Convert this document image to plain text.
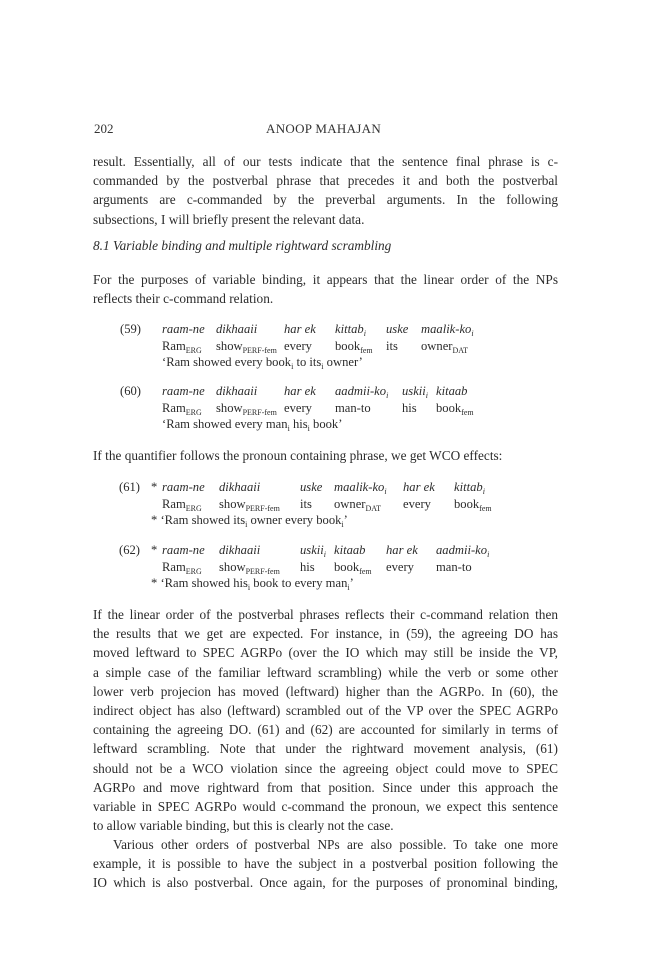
202	ANOOP MAHAJAN
result. Essentially, all of our tests indicate that the sentence final phrase is c-
commanded by the postverbal phrase that precedes it and both the postverbal
arguments are c-commanded by the preverbal arguments. In the following
subsections, I will briefly present the relevant data.
8.1 Variable binding and multiple rightward scrambling
For the purposes of variable binding, it appears that the linear order of the NPs
reflects their c-command relation.
(59) raam-ne dikhaaii har ek kittab$_i$ uske maalik-$ko_i$
Ram$_{ERG}$ show$_{PERF-fem}$ every book$_{fem}$ its owner$_{DAT}$
‘Ram showed every book$_i$ to its$_i$ owner’
(60) raam-ne dikhaaii har ek aadmii-$ko_i$ uskii$_i$ kitaab
Ram$_{ERG}$ show$_{PERF-fem}$ every man-to his book$_{fem}$
‘Ram showed every man$_i$ his$_i$ book’
If the quantifier follows the pronoun containing phrase, we get WCO effects:
(61) * raam-ne dikhaaii	uske maalik-$ko_i$ har ek kittab$_i$
Ram$_{ERG}$ show$_{PERF-fem}$ its owner$_{DAT}$ every book$_{fem}$
* ‘Ram showed its$_i$ owner every book$_i$’
(62) * raam-ne dikhaaii	uskii$_i$ kitaab har ek aadmii-$ko_i$
Ram$_{ERG}$ show$_{PERF-fem}$ his book$_{fem}$ every man-to
* ‘Ram showed his$_i$ book to every man$_i$’
If the linear order of the postverbal phrases reflects their c-command relation then
the results that we get are expected. For instance, in (59), the agreeing DO has
moved leftward to SPEC AGRPo (over the IO which may still be inside the VP,
a simple case of the familiar leftward scrambling) while the verb or some other
lower verb projecion has moved (leftward) higher than the AGRPo. In (60), the
indirect object has also (leftward) scrambled out of the VP over the SPEC AGRPo
containing the agreeing DO. (61) and (62) are accounted for similarly in terms of
leftward scrambling. Note that under the rightward movement analysis, (61)
should not be a WCO violation since the agreeing object could move to SPEC
AGRPo and move rightward from that position. Since under this approach the
variable in SPEC AGRPo would c-command the pronoun, we expect this sentence
to allow variable binding, but this is clearly not the case.
Various other orders of postverbal NPs are also possible. To take one more
example, it is possible to have the subject in a postverbal position following the
IO which is also postverbal. Once again, for the purposes of pronominal binding,
